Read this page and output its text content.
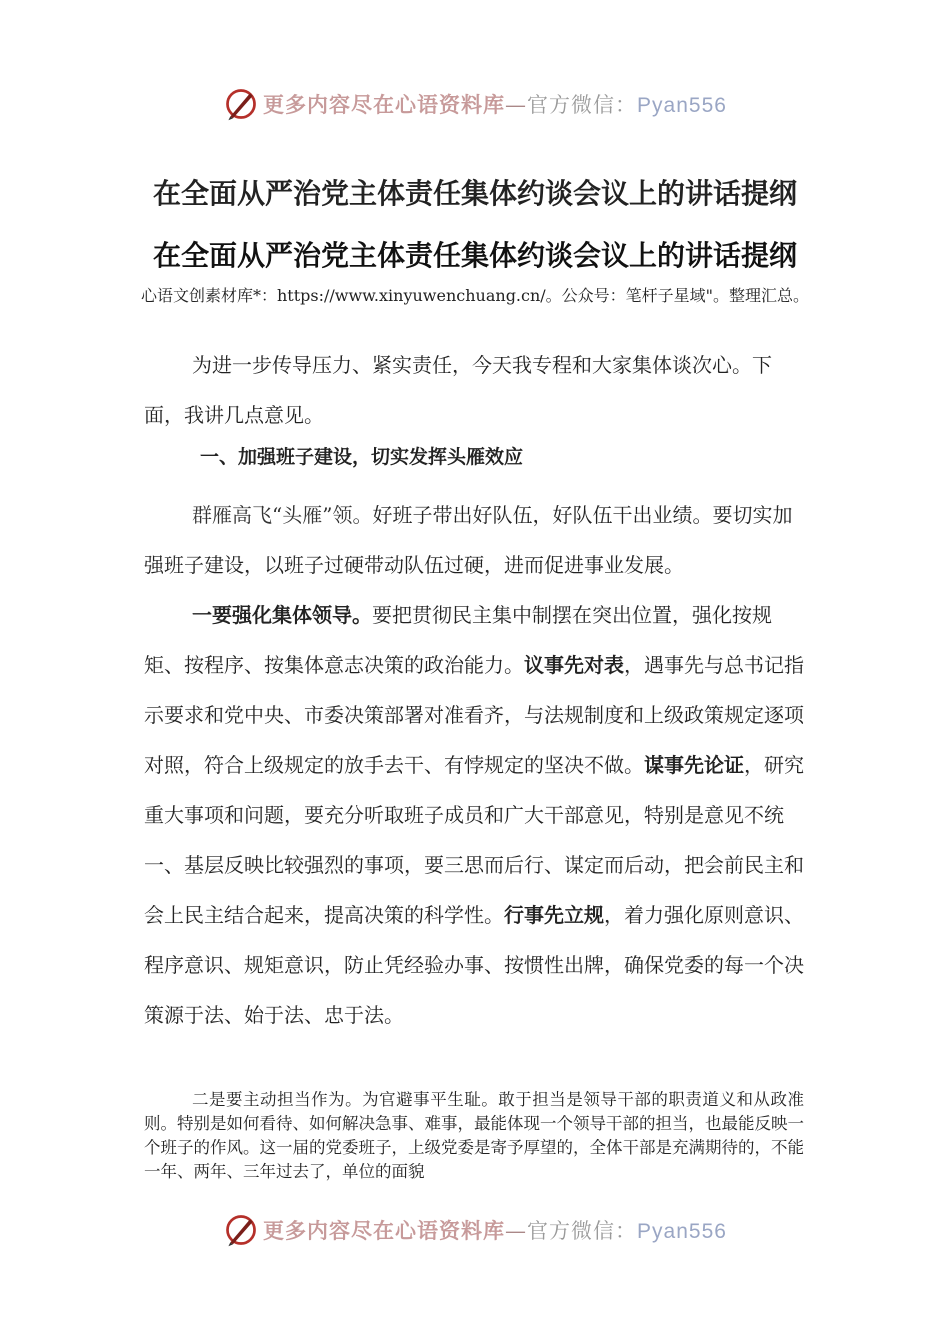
更多内容尽在心语资料库—官方微信：Pyan556
在全面从严治党主体责任集体约谈会议上的讲话提纲
在全面从严治党主体责任集体约谈会议上的讲话提纲
心语文创素材库*：https://www.xinyuwenchuang.cn/。公众号：笔杆子星域"。整理汇总。
为进一步传导压力、紧实责任，今天我专程和大家集体谈次心。下面，我讲几点意见。
一、加强班子建设，切实发挥头雁效应
群雁高飞“头雁”领。好班子带出好队伍，好队伍干出业绩。要切实加强班子建设，以班子过硬带动队伍过硬，进而促进事业发展。
一要强化集体领导。要把贯彻民主集中制摆在突出位置，强化按规矩、按程序、按集体意志决策的政治能力。议事先对表，遇事先与总书记指示要求和党中央、市委决策部署对准看齐，与法规制度和上级政策规定逐项对照，符合上级规定的放手去干、有悖规定的坚决不做。谋事先论证，研究重大事项和问题，要充分听取班子成员和广大干部意见，特别是意见不统一、基层反映比较强烈的事项，要三思而后行、谋定而后动，把会前民主和会上民主结合起来，提高决策的科学性。行事先立规，着力强化原则意识、程序意识、规矩意识，防止凭经验办事、按惯性出牌，确保党委的每一个决策源于法、始于法、忠于法。
二是要主动担当作为。为官避事平生耻。敢于担当是领导干部的职责道义和从政准则。特别是如何看待、如何解决急事、难事，最能体现一个领导干部的担当，也最能反映一个班子的作风。这一届的党委班子，上级党委是寄予厚望的，全体干部是充满期待的，不能一年、两年、三年过去了，单位的面貌
更多内容尽在心语资料库—官方微信：Pyan556
